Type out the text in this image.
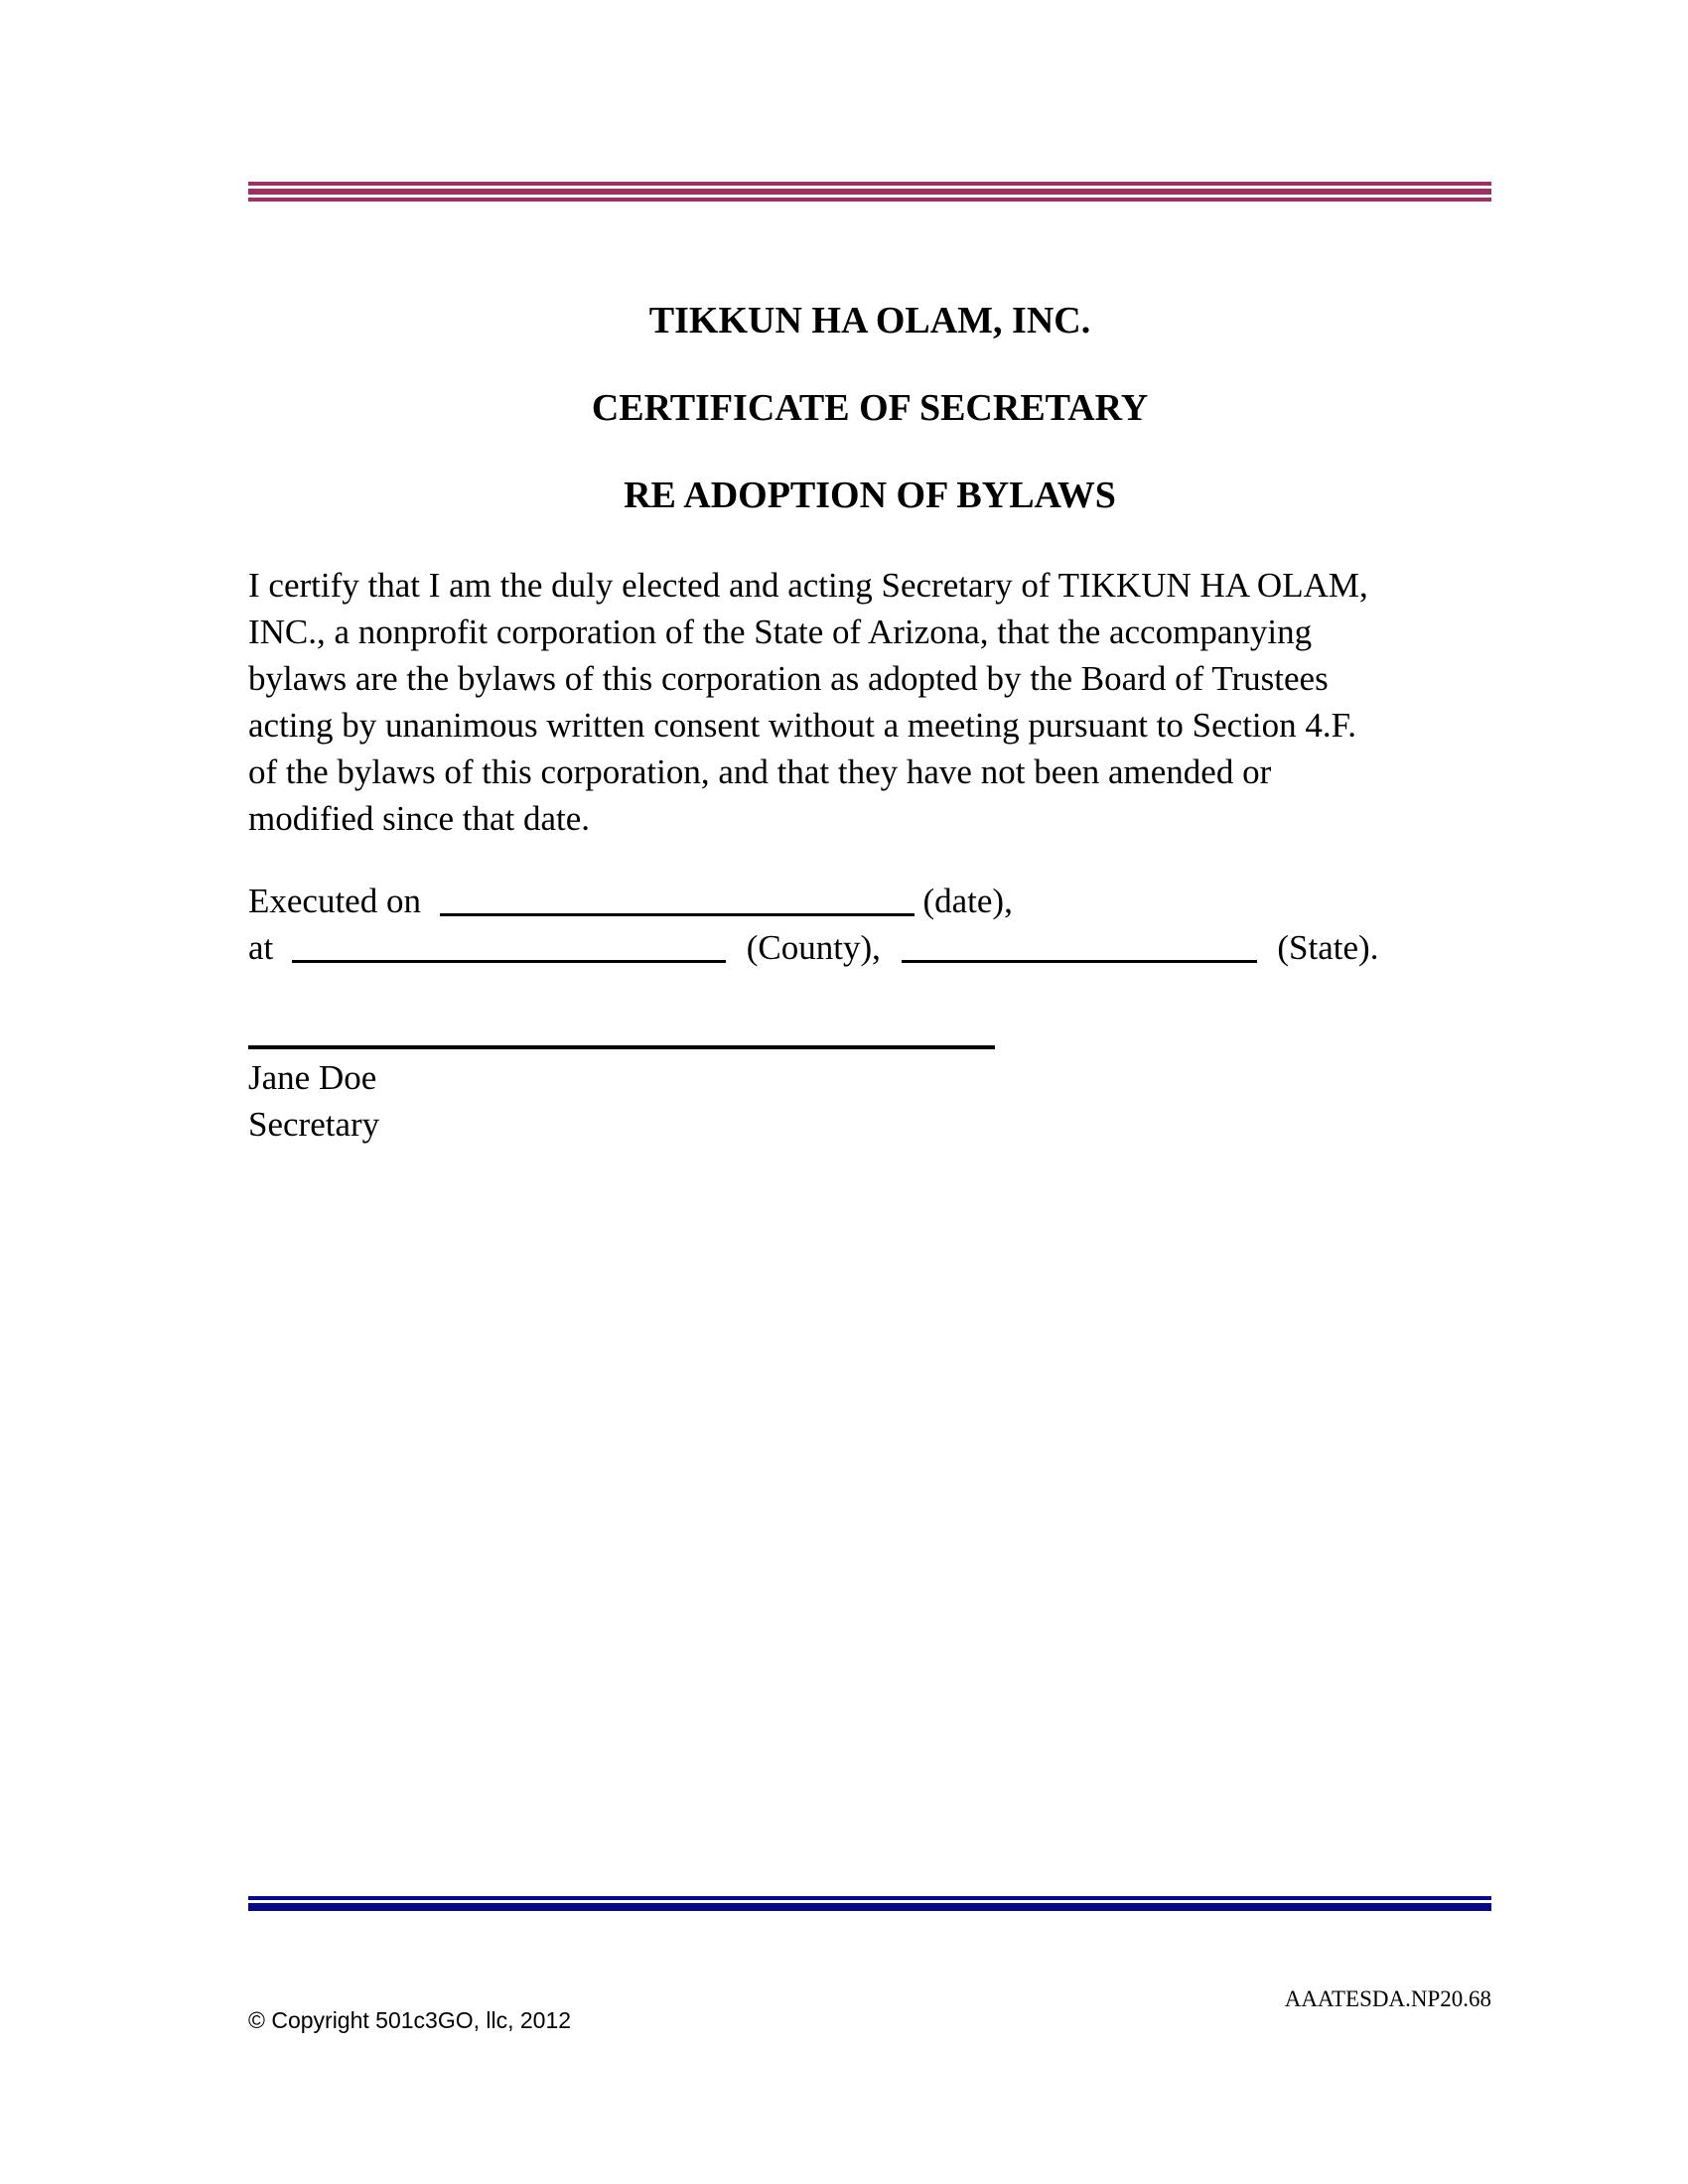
TIKKUN HA OLAM, INC.
CERTIFICATE OF SECRETARY
RE ADOPTION OF BYLAWS
I certify that I am the duly elected and acting Secretary of TIKKUN HA OLAM,
INC., a nonprofit corporation of the State of Arizona, that the accompanying
bylaws are the bylaws of this corporation as adopted by the Board of Trustees
acting by unanimous written consent without a meeting pursuant to Section 4.F.
of the bylaws of this corporation, and that they have not been amended or
modified since that date.
Executed on	(date),
at	(County),	(State).
Jane Doe
Secretary
AAATESDA.NP20.68
© Copyright 501c3GO, llc, 2012
